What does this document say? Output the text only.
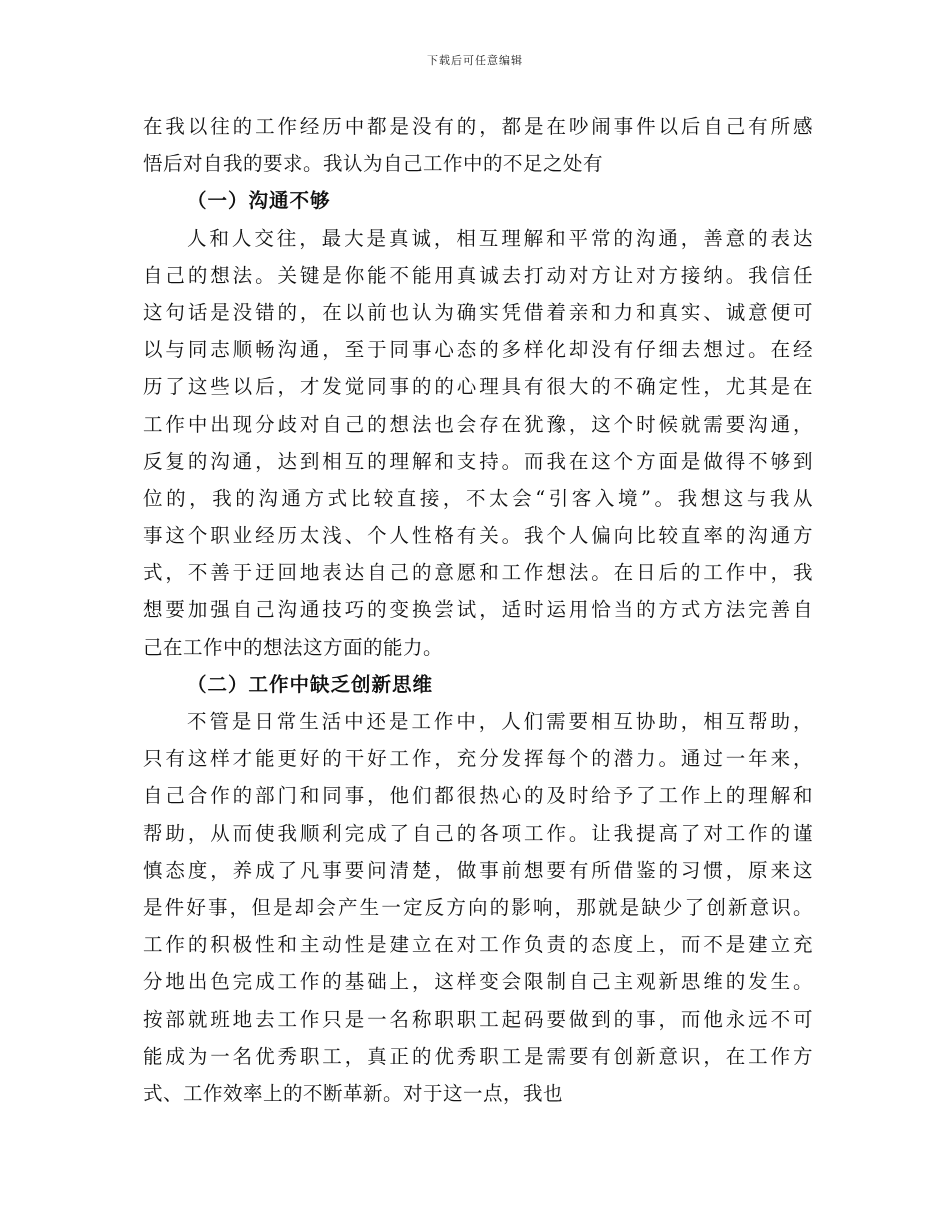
下载后可任意编辑
在我以往的工作经历中都是没有的，都是在吵闹事件以后自己有所感
悟后对自我的要求。我认为自己工作中的不足之处有
（一）沟通不够
人和人交往，最大是真诚，相互理解和平常的沟通，善意的表达
自己的想法。关键是你能不能用真诚去打动对方让对方接纳。我信任
这句话是没错的，在以前也认为确实凭借着亲和力和真实、诚意便可
以与同志顺畅沟通，至于同事心态的多样化却没有仔细去想过。在经
历了这些以后，才发觉同事的的心理具有很大的不确定性，尤其是在
工作中出现分歧对自己的想法也会存在犹豫，这个时候就需要沟通，
反复的沟通，达到相互的理解和支持。而我在这个方面是做得不够到
位的，我的沟通方式比较直接，不太会“引客入境”。我想这与我从
事这个职业经历太浅、个人性格有关。我个人偏向比较直率的沟通方
式，不善于迂回地表达自己的意愿和工作想法。在日后的工作中，我
想要加强自己沟通技巧的变换尝试，适时运用恰当的方式方法完善自
己在工作中的想法这方面的能力。
（二）工作中缺乏创新思维
不管是日常生活中还是工作中，人们需要相互协助，相互帮助，
只有这样才能更好的干好工作，充分发挥每个的潜力。通过一年来，
自己合作的部门和同事，他们都很热心的及时给予了工作上的理解和
帮助，从而使我顺利完成了自己的各项工作。让我提高了对工作的谨
慎态度，养成了凡事要问清楚，做事前想要有所借鉴的习惯，原来这
是件好事，但是却会产生一定反方向的影响，那就是缺少了创新意识。
工作的积极性和主动性是建立在对工作负责的态度上，而不是建立充
分地出色完成工作的基础上，这样变会限制自己主观新思维的发生。
按部就班地去工作只是一名称职职工起码要做到的事，而他永远不可
能成为一名优秀职工，真正的优秀职工是需要有创新意识，在工作方
式、工作效率上的不断革新。对于这一点，我也
